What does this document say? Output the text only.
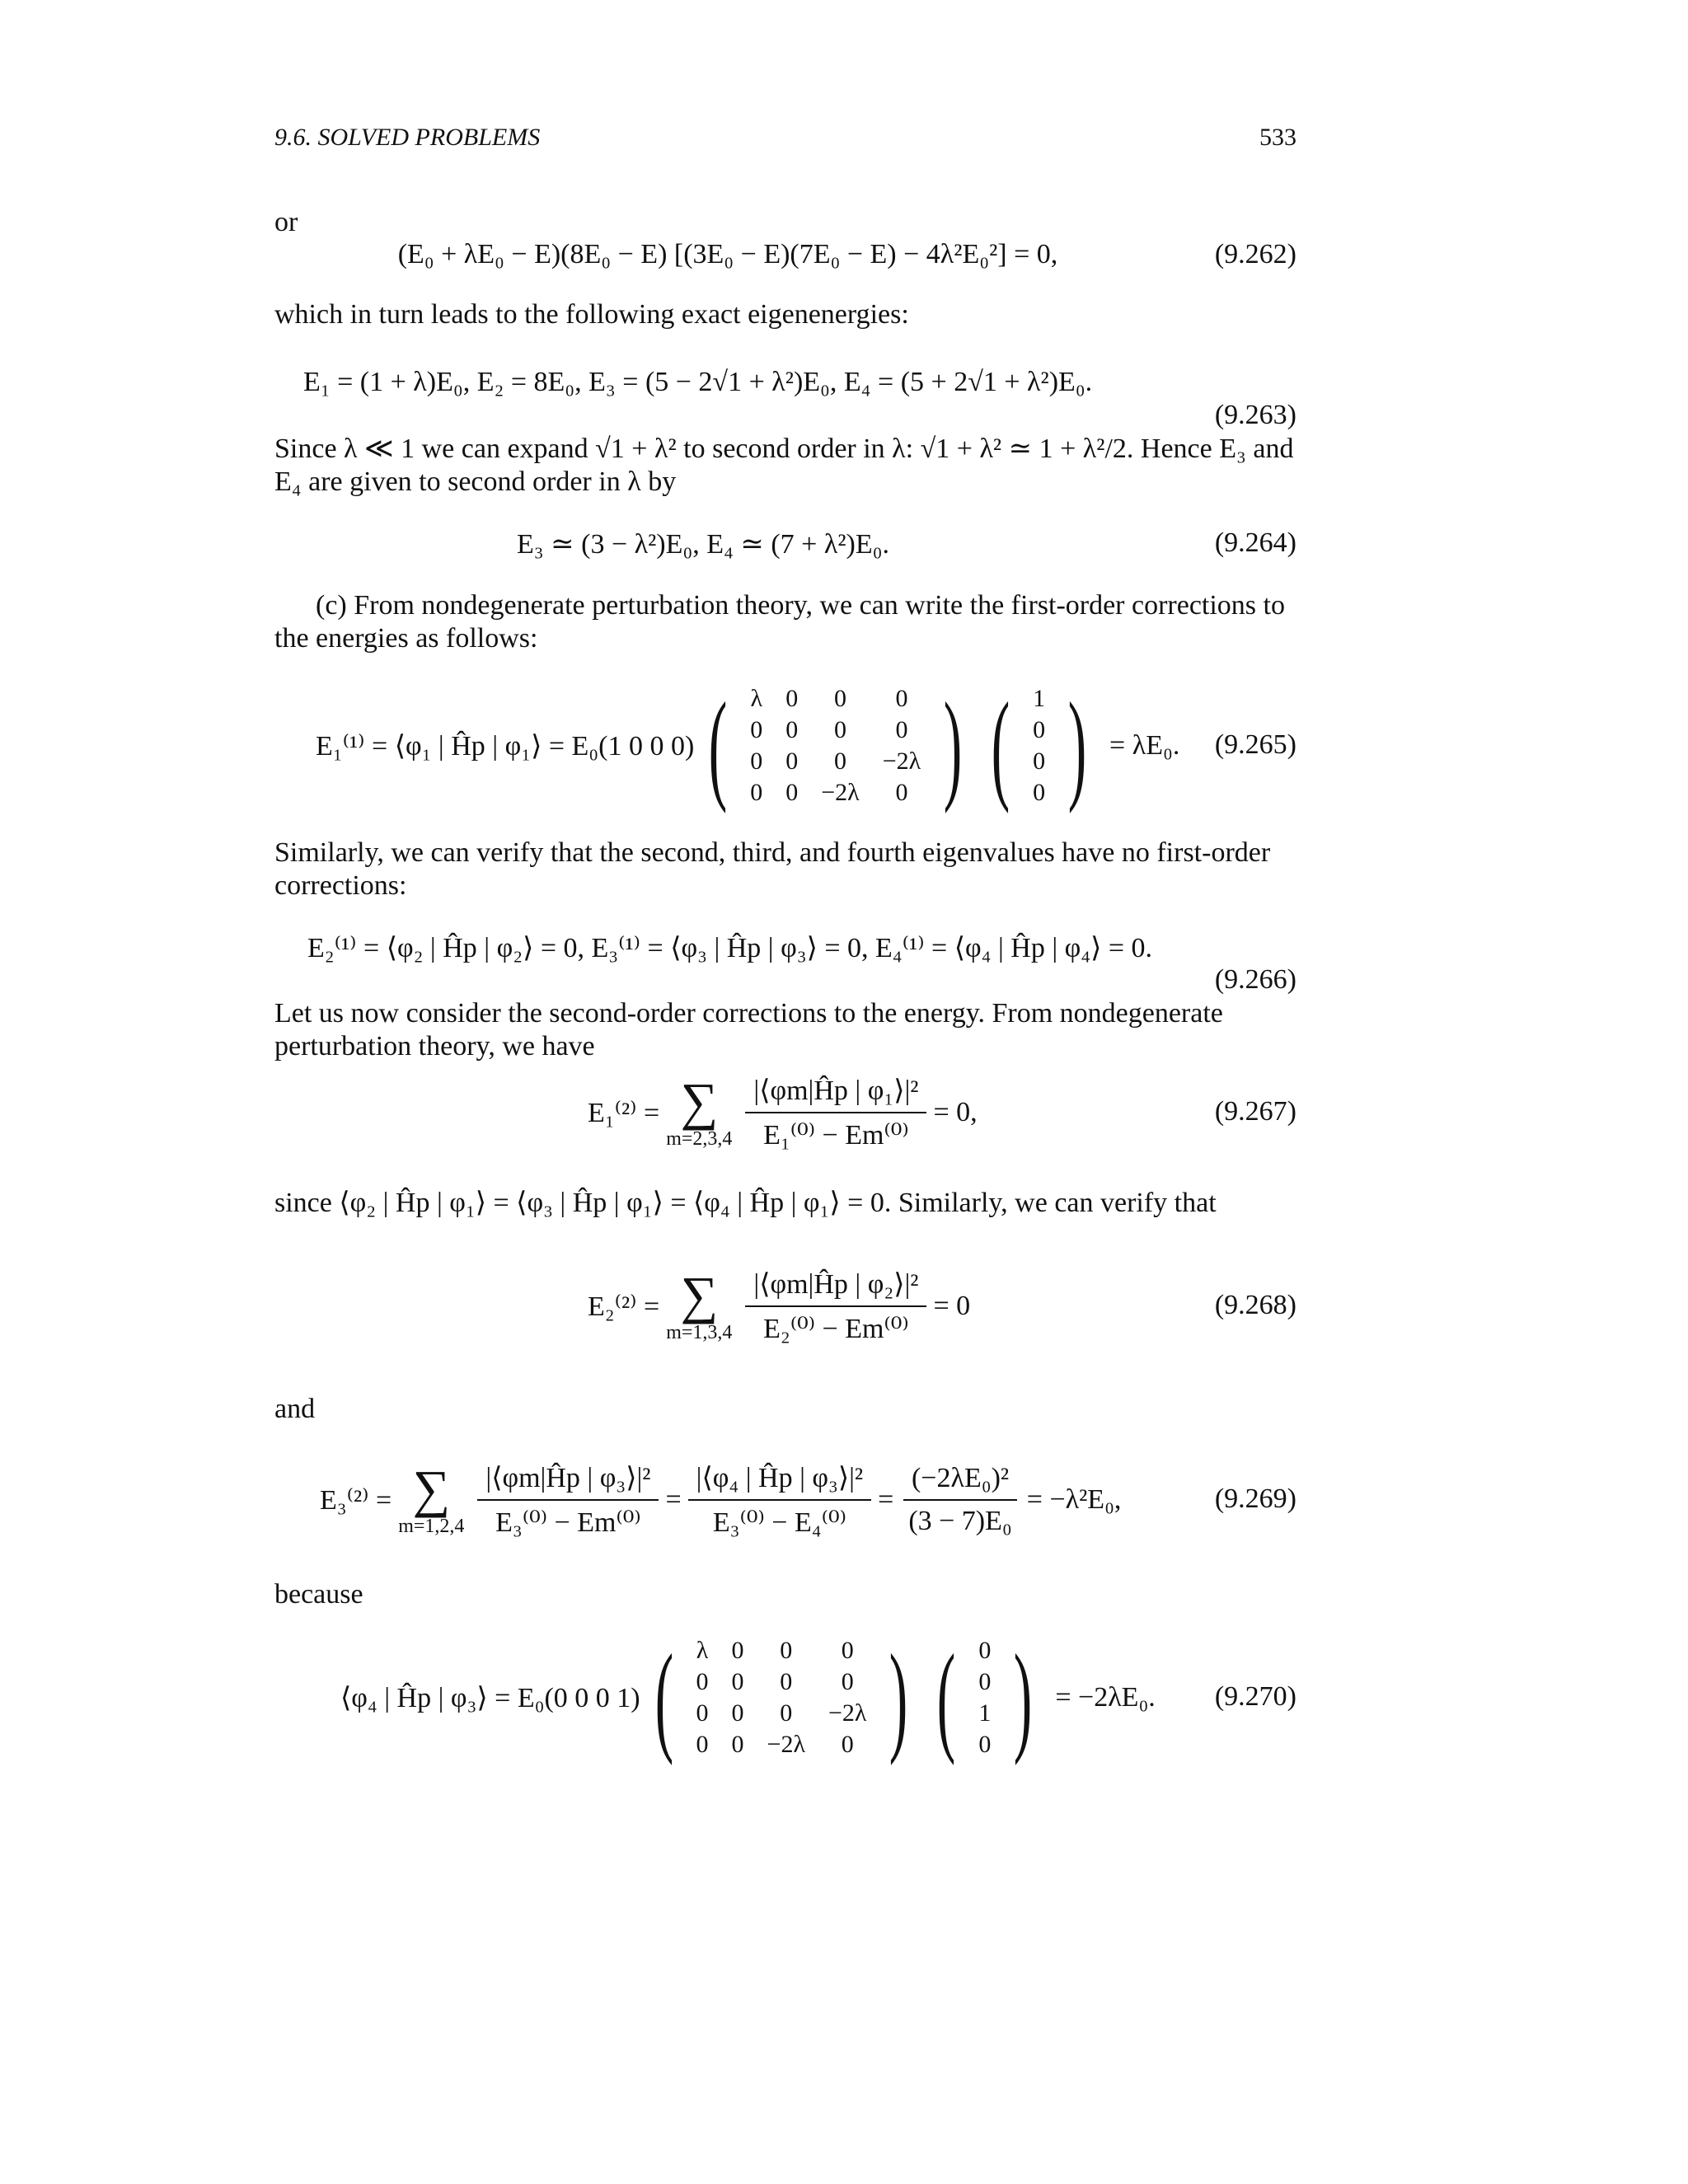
9.6. SOLVED PROBLEMS	533
or
(E₀ + λE₀ − E)(8E₀ − E) [(3E₀ − E)(7E₀ − E) − 4λ²E₀²] = 0,	(9.262)
which in turn leads to the following exact eigenenergies:
E₁ = (1 + λ)E₀, E₂ = 8E₀, E₃ = (5 − 2√1 + λ²)E₀, E₄ = (5 + 2√1 + λ²)E₀.
(9.263)
Since λ ≪ 1 we can expand √1 + λ² to second order in λ: √1 + λ² ≃ 1 + λ²/2. Hence E₃ and E₄ are given to second order in λ by
E₃ ≃ (3 − λ²)E₀, E₄ ≃ (7 + λ²)E₀.	(9.264)
(c) From nondegenerate perturbation theory, we can write the first-order corrections to the energies as follows:
E₁⁽¹⁾ = ⟨φ₁ | Ĥp | φ₁⟩ = E₀(1 0 0 0) ( λ	0	0	0
0	0	0	0
0	0	0	−2λ
0	0	−2λ	0 ) ( 1
0
0
0 ) = λE₀. (9.265)
Similarly, we can verify that the second, third, and fourth eigenvalues have no first-order corrections:
E₂⁽¹⁾ = ⟨φ₂ | Ĥp | φ₂⟩ = 0, E₃⁽¹⁾ = ⟨φ₃ | Ĥp | φ₃⟩ = 0, E₄⁽¹⁾ = ⟨φ₄ | Ĥp | φ₄⟩ = 0.
(9.266)
Let us now consider the second-order corrections to the energy. From nondegenerate perturbation theory, we have
E₁⁽²⁾ = ∑
$m=2,3,4 \frac{\text{|⟨φm|Ĥp | φ₁⟩|²}}{\text{E₁⁽⁰⁾ − Em⁽⁰⁾}} = 0$,	(9.267)
since ⟨φ₂ | Ĥp | φ₁⟩ = ⟨φ₃ | Ĥp | φ₁⟩ = ⟨φ₄ | Ĥp | φ₁⟩ = 0. Similarly, we can verify that
E₂⁽²⁾ = ∑
$m=1,3,4 \frac{\text{|⟨φm|Ĥp | φ₂⟩|²}}{\text{E₂⁽⁰⁾ − Em⁽⁰⁾}} = 0$	(9.268)
and
E₃⁽²⁾ = ∑
$m=1,2,4 \frac{\text{|⟨φm|Ĥp | φ₃⟩|²}}{\text{E₃⁽⁰⁾ − Em⁽⁰⁾}} = \frac{\text{|⟨φ₄ | Ĥp | φ₃⟩|²}}{\text{E₃⁽⁰⁾ − E₄⁽⁰⁾}} = \frac{\text{(−2λE₀)²}}{\text{(3 − 7)E₀}} = -\lambda^2E_0$,	(9.269)
because
⟨φ₄ | Ĥp | φ₃⟩ = E₀(0 0 0 1) ( λ	0	0	0
0	0	0	0
0	0	0	−2λ
0	0	−2λ	0 ) ( 0
0
1
0 ) = −2λE₀. (9.270)
